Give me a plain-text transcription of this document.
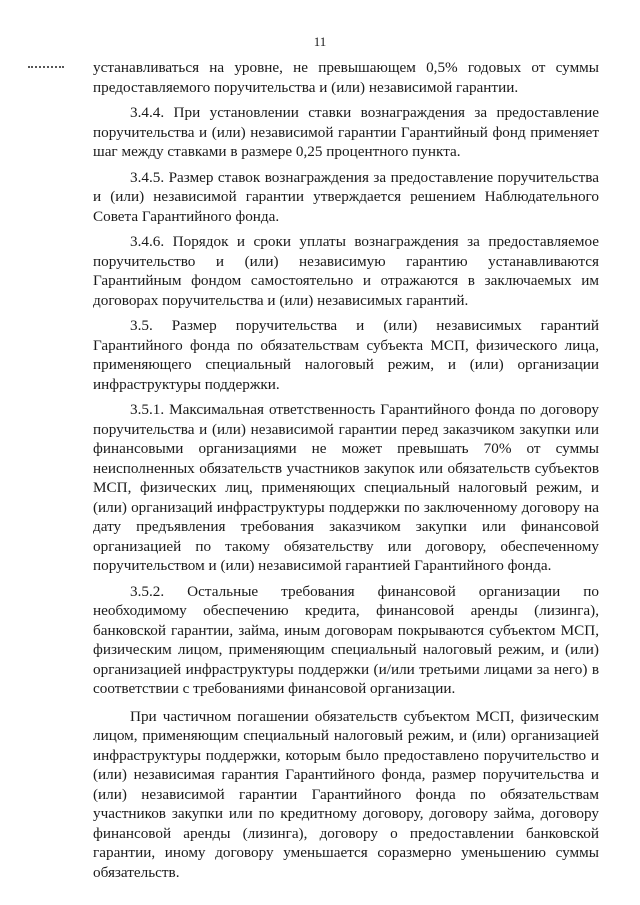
11

устанавливаться на уровне, не превышающем 0,5% годовых от суммы предоставляемого поручительства и (или) независимой гарантии.

3.4.4. При установлении ставки вознаграждения за предоставление поручительства и (или) независимой гарантии Гарантийный фонд применяет шаг между ставками в размере 0,25 процентного пункта.

3.4.5. Размер ставок вознаграждения за предоставление поручительства и (или) независимой гарантии утверждается решением Наблюдательного Совета Гарантийного фонда.

3.4.6. Порядок и сроки уплаты вознаграждения за предоставляемое поручительство и (или) независимую гарантию устанавливаются Гарантийным фондом самостоятельно и отражаются в заключаемых им договорах поручительства и (или) независимых гарантий.

3.5. Размер поручительства и (или) независимых гарантий Гарантийного фонда по обязательствам субъекта МСП, физического лица, применяющего специальный налоговый режим, и (или) организации инфраструктуры поддержки.

3.5.1. Максимальная ответственность Гарантийного фонда по договору поручительства и (или) независимой гарантии перед заказчиком закупки или финансовыми организациями не может превышать 70% от суммы неисполненных обязательств участников закупок или обязательств субъектов МСП, физических лиц, применяющих специальный налоговый режим, и (или) организаций инфраструктуры поддержки по заключенному договору на дату предъявления требования заказчиком закупки или финансовой организацией по такому обязательству или договору, обеспеченному поручительством и (или) независимой гарантией Гарантийного фонда.

3.5.2. Остальные требования финансовой организации по необходимому обеспечению кредита, финансовой аренды (лизинга), банковской гарантии, займа, иным договорам покрываются субъектом МСП, физическим лицом, применяющим специальный налоговый режим, и (или) организацией инфраструктуры поддержки (и/или третьими лицами за него) в соответствии с требованиями финансовой организации.

При частичном погашении обязательств субъектом МСП, физическим лицом, применяющим специальный налоговый режим, и (или) организацией инфраструктуры поддержки, которым было предоставлено поручительство и (или) независимая гарантия Гарантийного фонда, размер поручительства и (или) независимой гарантии Гарантийного фонда по обязательствам участников закупки или по кредитному договору, договору займа, договору финансовой аренды (лизинга), договору о предоставлении банковской гарантии, иному договору уменьшается соразмерно уменьшению суммы обязательств.
